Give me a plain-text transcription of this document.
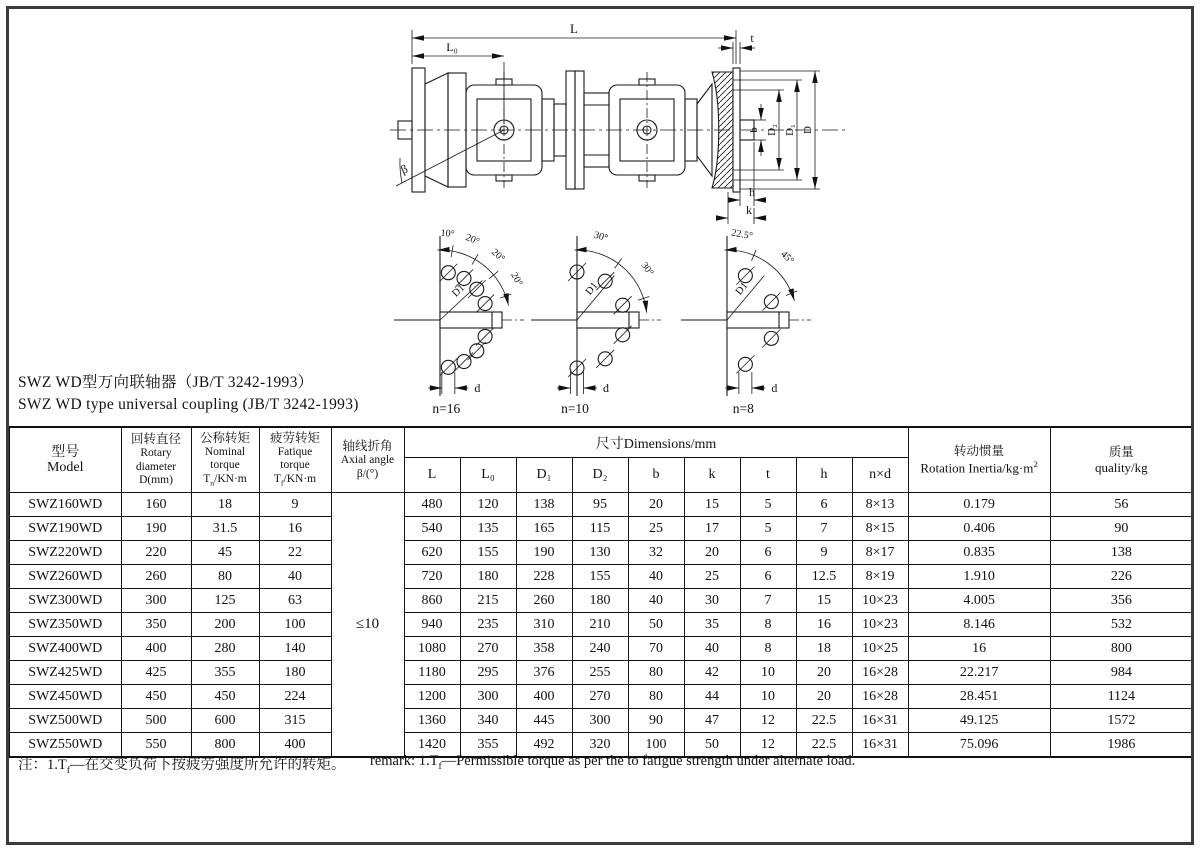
L
L₀
t
b D₂ D₁ D
h
k
β
10° 20°
20°
20°
D1
d
n=16
30°
30°
D1
d
n=10
22.5°
45°
D1
d
n=8
SWZ WD型万向联轴器（JB/T 3242-1993）
SWZ WD type universal coupling (JB/T 3242-1993)
型号
Model

回转直径
Rotary
diameter
D(mm)

公称转矩
Nominal
torque
$T_n/KN\cdot m$

疲劳转矩
Fatique
torque
$T_f/KN\cdot m$

轴线折角
Axial angle
β/(°)
	尺寸Dimensions/mm	转动惯量
Rotation Inertia/$kg\cdot m^2$

质量
quality/kg

					L	L₀	D₁	D₂	b	k	t	h	n×d		
SWZ160WD	160	18	9	≤10	480	120	138	95	20	15	5	6	8×13	0.179	56
SWZ190WD	190	31.5	16		540	135	165	115	25	17	5	7	8×15	0.406	90
SWZ220WD	220	45	22		620	155	190	130	32	20	6	9	8×17	0.835	138
SWZ260WD	260	80	40		720	180	228	155	40	25	6	12.5	8×19	1.910	226
SWZ300WD	300	125	63		860	215	260	180	40	30	7	15	10×23	4.005	356
SWZ350WD	350	200	100		940	235	310	210	50	35	8	16	10×23	8.146	532
SWZ400WD	400	280	140		1080	270	358	240	70	40	8	18	10×25	16	800
SWZ425WD	425	355	180		1180	295	376	255	80	42	10	20	16×28	22.217	984
SWZ450WD	450	450	224		1200	300	400	270	80	44	10	20	16×28	28.451	1124
SWZ500WD	500	600	315		1360	340	445	300	90	47	12	22.5	16×31	49.125	1572
SWZ550WD	550	800	400		1420	355	492	320	100	50	12	22.5	16×31	75.096	1986
注：$1.T_f—$在交变负荷下按疲劳强度所允许的转矩。 remark: $1.T_f—Permissible$ torque as per the to fatigue strength under alternate load.
